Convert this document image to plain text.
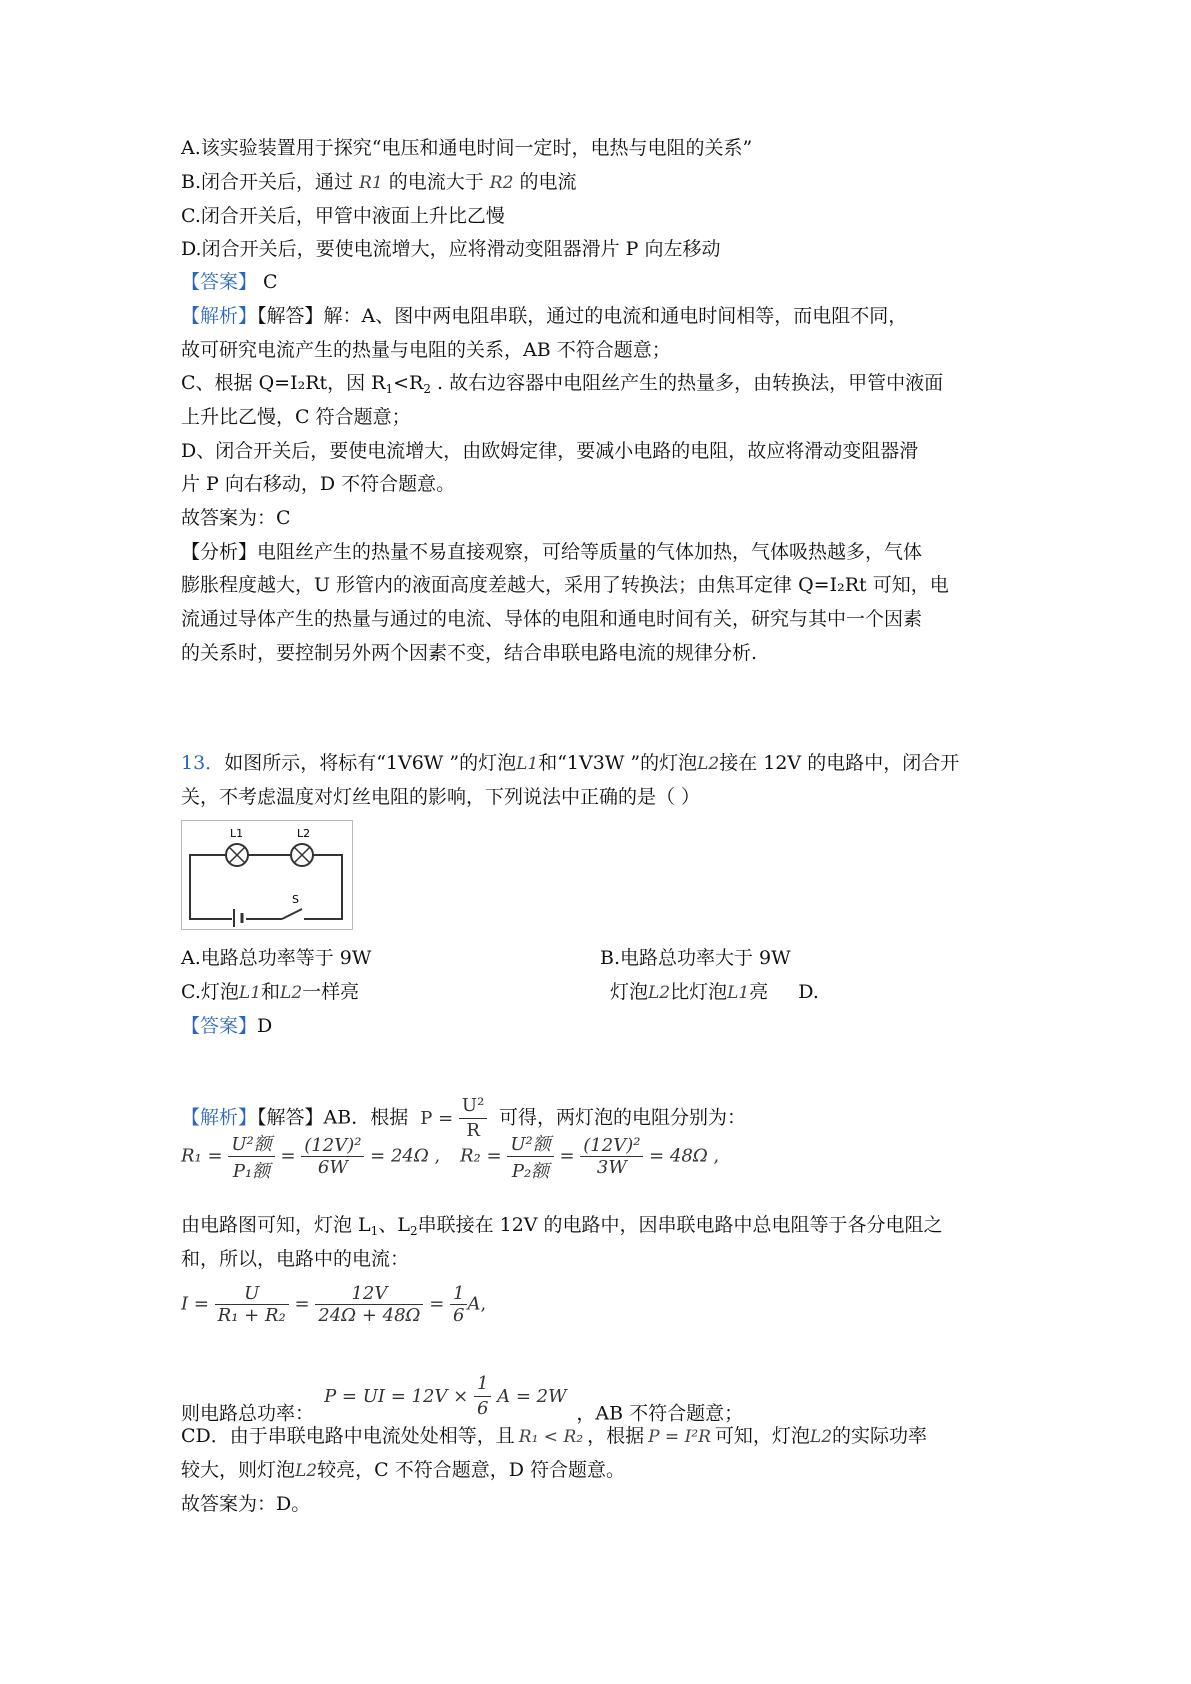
A.该实验装置用于探究“电压和通电时间一定时，电热与电阻的关系”
B.闭合开关后，通过 R1 的电流大于 R2 的电流
C.闭合开关后，甲管中液面上升比乙慢
D.闭合开关后，要使电流增大，应将滑动变阻器滑片 P 向左移动
【答案】 C
【解析】【解答】解：A、图中两电阻串联，通过的电流和通电时间相等，而电阻不同，
故可研究电流产生的热量与电阻的关系，AB 不符合题意；
C、根据 Q=I₂Rt，因 $R_1<R_2$ . 故右边容器中电阻丝产生的热量多，由转换法，甲管中液面
上升比乙慢，C 符合题意；
D、闭合开关后，要使电流增大，由欧姆定律，要减小电路的电阻，故应将滑动变阻器滑
片 P 向右移动，D 不符合题意。
故答案为：C
【分析】电阻丝产生的热量不易直接观察，可给等质量的气体加热，气体吸热越多，气体
膨胀程度越大，U 形管内的液面高度差越大，采用了转换法；由焦耳定律 Q=I₂Rt 可知，电
流通过导体产生的热量与通过的电流、导体的电阻和通电时间有关，研究与其中一个因素
的关系时，要控制另外两个因素不变，结合串联电路电流的规律分析.
13．如图所示，将标有“1V6W ”的灯泡L1和“1V3W ”的灯泡L2接在 12V 的电路中，闭合开
关，不考虑温度对灯丝电阻的影响，下列说法中正确的是（ ）
L1	L2
S
A.电路总功率等于 9W	B.电路总功率大于 9W
C.灯泡L1和L2一样亮	灯泡L2比灯泡L1亮 D.
【答案】D
【解析】【解答】AB．根据 $P = \frac{\text{U²}}{R}$ 可得，两灯泡的电阻分别为：
$R_1 = \frac{\text{U²额}}{\text{P₁额}} = \frac{\text{(12V)²}}{6W} = 24\Omega$ , $R_2 = \frac{\text{U²额}}{\text{P₂额}} = \frac{\text{(12V)²}}{3W} = 48\Omega$ ,
由电路图可知，灯泡 $L_1$、$L_2$串联接在 12V 的电路中，因串联电路中总电阻等于各分电阻之
和，所以，电路中的电流：
$I = \frac{U}{\text{R₁ + R₂}} = \frac{12V}{24\Omega + 48\Omega} = \frac{1}{6} A$,
则电路总功率： P = UI = $12V \times \frac{1}{6}$ A = 2W ，AB 不符合题意；
CD．由于串联电路中电流处处相等，且 R₁ < R₂ ，根据 P = I²R 可知，灯泡L2的实际功率
较大，则灯泡L2较亮，C 不符合题意，D 符合题意。
故答案为：D。
